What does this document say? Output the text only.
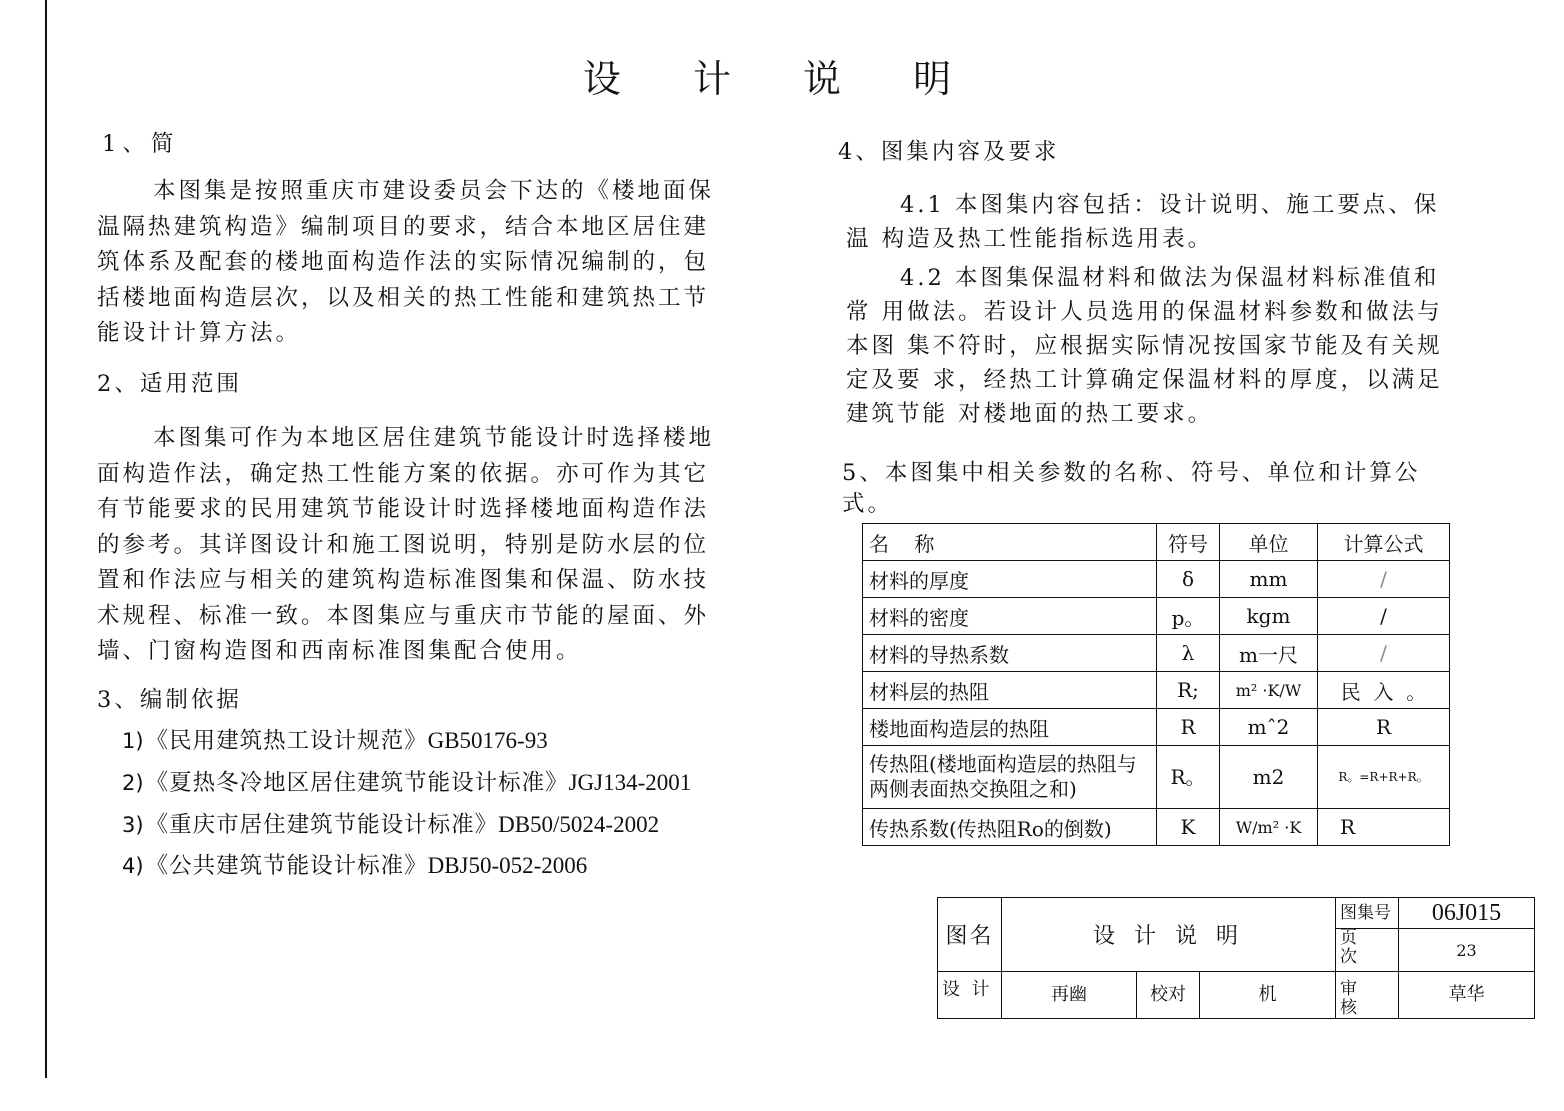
设 计 说 明
1、简
本图集是按照重庆市建设委员会下达的《楼地面保
温隔热建筑构造》编制项目的要求，结合本地区居住建
筑体系及配套的楼地面构造作法的实际情况编制的，包
括楼地面构造层次，以及相关的热工性能和建筑热工节
能设计计算方法。
2、适用范围
本图集可作为本地区居住建筑节能设计时选择楼地
面构造作法，确定热工性能方案的依据。亦可作为其它
有节能要求的民用建筑节能设计时选择楼地面构造作法
的参考。其详图设计和施工图说明，特别是防水层的位
置和作法应与相关的建筑构造标准图集和保温、防水技
术规程、标准一致。本图集应与重庆市节能的屋面、外
墙、门窗构造图和西南标准图集配合使用。
3、编制依据
1)《民用建筑热工设计规范》GB50176-93
2)《夏热冬冷地区居住建筑节能设计标准》JGJ134-2001
3)《重庆市居住建筑节能设计标准》DB50/5024-2002
4)《公共建筑节能设计标准》DBJ50-052-2006
4、图集内容及要求
4.1 本图集内容包括：设计说明、施工要点、保
温 构造及热工性能指标选用表。
4.2 本图集保温材料和做法为保温材料标准值和
常 用做法。若设计人员选用的保温材料参数和做法与
本图 集不符时，应根据实际情况按国家节能及有关规
定及要 求，经热工计算确定保温材料的厚度，以满足
建筑节能 对楼地面的热工要求。
5、本图集中相关参数的名称、符号、单位和计算公
式。
名    称	符号	单位	计算公式
材料的厚度	δ	mm	/
材料的密度	p。	kgm	/
材料的导热系数	λ	m一尺	/
材料层的热阻	R;	m² ·K/W	民  入  。
楼地面构造层的热阻	R	mˆ2	R
传热阻(楼地面构造层的热阻与两侧表面热交换阻之和)	R。	m2	R。=R+R+R。
传热系数(传热阻Ro的倒数)	K	W/m² ·K	R
图名	设 计 说 明			图集号	06J015

				页次	23
设  计	再幽	校对	机	审核	草华
